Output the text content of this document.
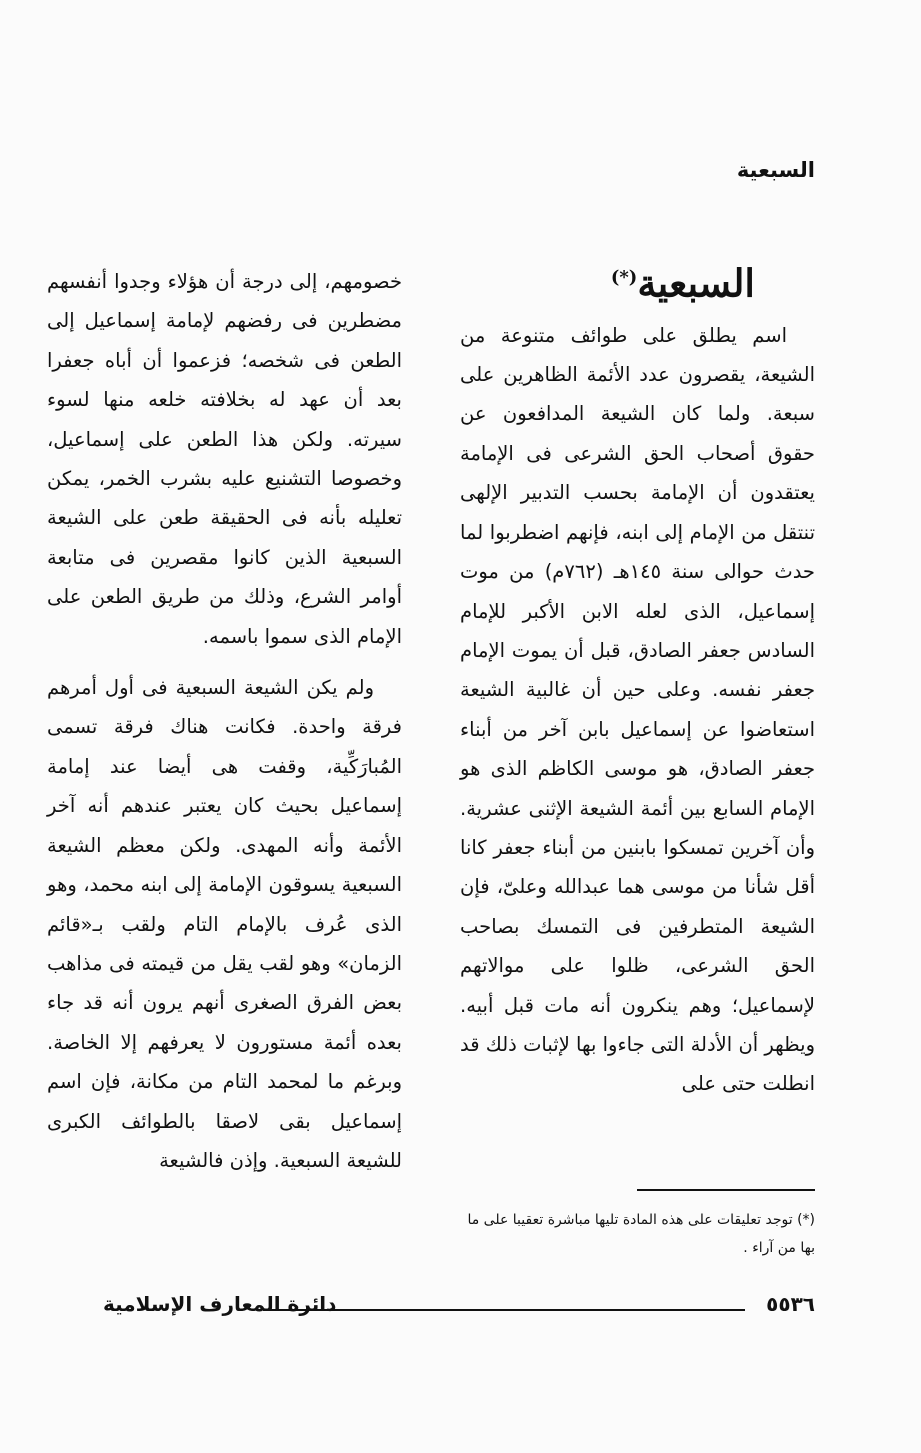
السبعية
السبعية(*)

اسم يطلق على طوائف متنوعة من الشيعة، يقصرون عدد الأئمة الظاهرين على سبعة. ولما كان الشيعة المدافعون عن حقوق أصحاب الحق الشرعى فى الإمامة يعتقدون أن الإمامة بحسب التدبير الإلهى تنتقل من الإمام إلى ابنه، فإنهم اضطربوا لما حدث حوالى سنة ١٤٥هـ (٧٦٢م) من موت إسماعيل، الذى لعله الابن الأكبر للإمام السادس جعفر الصادق، قبل أن يموت الإمام جعفر نفسه. وعلى حين أن غالبية الشيعة استعاضوا عن إسماعيل بابن آخر من أبناء جعفر الصادق، هو موسى الكاظم الذى هو الإمام السابع بين أئمة الشيعة الإثنى عشرية. وأن آخرين تمسكوا بابنين من أبناء جعفر كانا أقل شأنا من موسى هما عبدالله وعلىّ، فإن الشيعة المتطرفين فى التمسك بصاحب الحق الشرعى، ظلوا على موالاتهم لإسماعيل؛ وهم ينكرون أنه مات قبل أبيه. ويظهر أن الأدلة التى جاءوا بها لإثبات ذلك قد انطلت حتى على

خصومهم، إلى درجة أن هؤلاء وجدوا أنفسهم مضطرين فى رفضهم لإمامة إسماعيل إلى الطعن فى شخصه؛ فزعموا أن أباه جعفرا بعد أن عهد له بخلافته خلعه منها لسوء سيرته. ولكن هذا الطعن على إسماعيل، وخصوصا التشنيع عليه بشرب الخمر، يمكن تعليله بأنه فى الحقيقة طعن على الشيعة السبعية الذين كانوا مقصرين فى متابعة أوامر الشرع، وذلك من طريق الطعن على الإمام الذى سموا باسمه.

ولم يكن الشيعة السبعية فى أول أمرهم فرقة واحدة. فكانت هناك فرقة تسمى المُبارَكِّية، وقفت هى أيضا عند إمامة إسماعيل بحيث كان يعتبر عندهم أنه آخر الأئمة وأنه المهدى. ولكن معظم الشيعة السبعية يسوقون الإمامة إلى ابنه محمد، وهو الذى عُرف بالإمام التام ولقب بـ«قائم الزمان» وهو لقب يقل من قيمته فى مذاهب بعض الفرق الصغرى أنهم يرون أنه قد جاء بعده أئمة مستورون لا يعرفهم إلا الخاصة. وبرغم ما لمحمد التام من مكانة، فإن اسم إسماعيل بقى لاصقا بالطوائف الكبرى للشيعة السبعية. وإذن فالشيعة

(*) توجد تعليقات على هذه المادة تليها مباشرة تعقيبا على ما بها من آراء .
٥٥٣٦
دائرة المعارف الإسلامية
